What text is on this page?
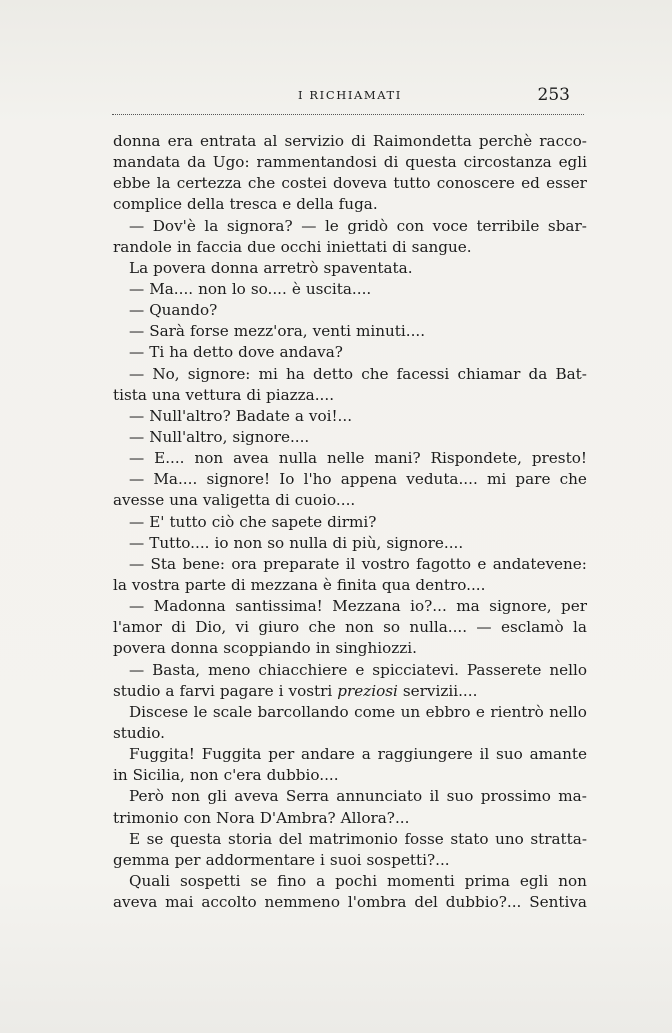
I RICHIAMATI	253
donna era entrata al servizio di Raimondetta perchè racco-
mandata da Ugo: rammentandosi di questa circostanza egli
ebbe la certezza che costei doveva tutto conoscere ed esser
complice della tresca e della fuga.
— Dov'è la signora? — le gridò con voce terribile sbar-
randole in faccia due occhi iniettati di sangue.
La povera donna arretrò spaventata.
— Ma.... non lo so.... è uscita....
— Quando?
— Sarà forse mezz'ora, venti minuti....
— Ti ha detto dove andava?
— No, signore: mi ha detto che facessi chiamar da Bat-
tista una vettura di piazza....
— Null'altro? Badate a voi!...
— Null'altro, signore....
— E.... non avea nulla nelle mani? Rispondete, presto!
— Ma.... signore! Io l'ho appena veduta.... mi pare che
avesse una valigetta di cuoio....
— E' tutto ciò che sapete dirmi?
— Tutto.... io non so nulla di più, signore....
— Sta bene: ora preparate il vostro fagotto e andatevene:
la vostra parte di mezzana è finita qua dentro....
— Madonna santissima! Mezzana io?... ma signore, per
l'amor di Dio, vi giuro che non so nulla.... — esclamò la
povera donna scoppiando in singhiozzi.
— Basta, meno chiacchiere e spicciatevi. Passerete nello
studio a farvi pagare i vostri preziosi servizii....
Discese le scale barcollando come un ebbro e rientrò nello
studio.
Fuggita! Fuggita per andare a raggiungere il suo amante
in Sicilia, non c'era dubbio....
Però non gli aveva Serra annunciato il suo prossimo ma-
trimonio con Nora D'Ambra? Allora?...
E se questa storia del matrimonio fosse stato uno stratta-
gemma per addormentare i suoi sospetti?...
Quali sospetti se fino a pochi momenti prima egli non
aveva mai accolto nemmeno l'ombra del dubbio?... Sentiva
